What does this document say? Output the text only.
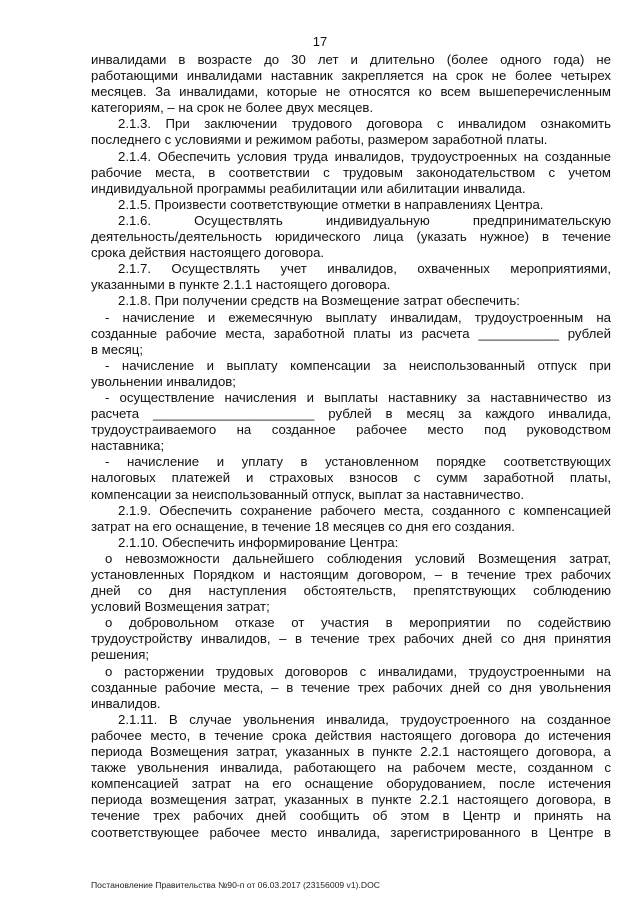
17
инвалидами в возрасте до 30 лет и длительно (более одного года) не
работающими инвалидами наставник закрепляется на срок не более четырех
месяцев. За инвалидами, которые не относятся ко всем вышеперечисленным
категориям, – на срок не более двух месяцев.
2.1.3. При заключении трудового договора с инвалидом ознакомить
последнего с условиями и режимом работы, размером заработной платы.
2.1.4. Обеспечить условия труда инвалидов, трудоустроенных на созданные
рабочие места, в соответствии с трудовым законодательством с учетом
индивидуальной программы реабилитации или абилитации инвалида.
2.1.5. Произвести соответствующие отметки в направлениях Центра.
2.1.6. Осуществлять индивидуальную предпринимательскую
деятельность/деятельность юридического лица (указать нужное) в течение
срока действия настоящего договора.
2.1.7. Осуществлять учет инвалидов, охваченных мероприятиями,
указанными в пункте 2.1.1 настоящего договора.
2.1.8. При получении средств на Возмещение затрат обеспечить:
- начисление и ежемесячную выплату инвалидам, трудоустроенным на
созданные рабочие места, заработной платы из расчета ___________ рублей
в месяц;
- начисление и выплату компенсации за неиспользованный отпуск при
увольнении инвалидов;
- осуществление начисления и выплаты наставнику за наставничество из
расчета ______________________ рублей в месяц за каждого инвалида,
трудоустраиваемого на созданное рабочее место под руководством
наставника;
- начисление и уплату в установленном порядке соответствующих
налоговых платежей и страховых взносов с сумм заработной платы,
компенсации за неиспользованный отпуск, выплат за наставничество.
2.1.9. Обеспечить сохранение рабочего места, созданного с компенсацией
затрат на его оснащение, в течение 18 месяцев со дня его создания.
2.1.10. Обеспечить информирование Центра:
о невозможности дальнейшего соблюдения условий Возмещения затрат,
установленных Порядком и настоящим договором, – в течение трех рабочих
дней со дня наступления обстоятельств, препятствующих соблюдению
условий Возмещения затрат;
о добровольном отказе от участия в мероприятии по содействию
трудоустройству инвалидов, – в течение трех рабочих дней со дня принятия
решения;
о расторжении трудовых договоров с инвалидами, трудоустроенными на
созданные рабочие места, – в течение трех рабочих дней со дня увольнения
инвалидов.
2.1.11. В случае увольнения инвалида, трудоустроенного на созданное
рабочее место, в течение срока действия настоящего договора до истечения
периода Возмещения затрат, указанных в пункте 2.2.1 настоящего договора, а
также увольнения инвалида, работающего на рабочем месте, созданном с
компенсацией затрат на его оснащение оборудованием, после истечения
периода возмещения затрат, указанных в пункте 2.2.1 настоящего договора, в
течение трех рабочих дней сообщить об этом в Центр и принять на
соответствующее рабочее место инвалида, зарегистрированного в Центре в
Постановление Правительства №90-п от 06.03.2017 (23156009 v1).DOC
